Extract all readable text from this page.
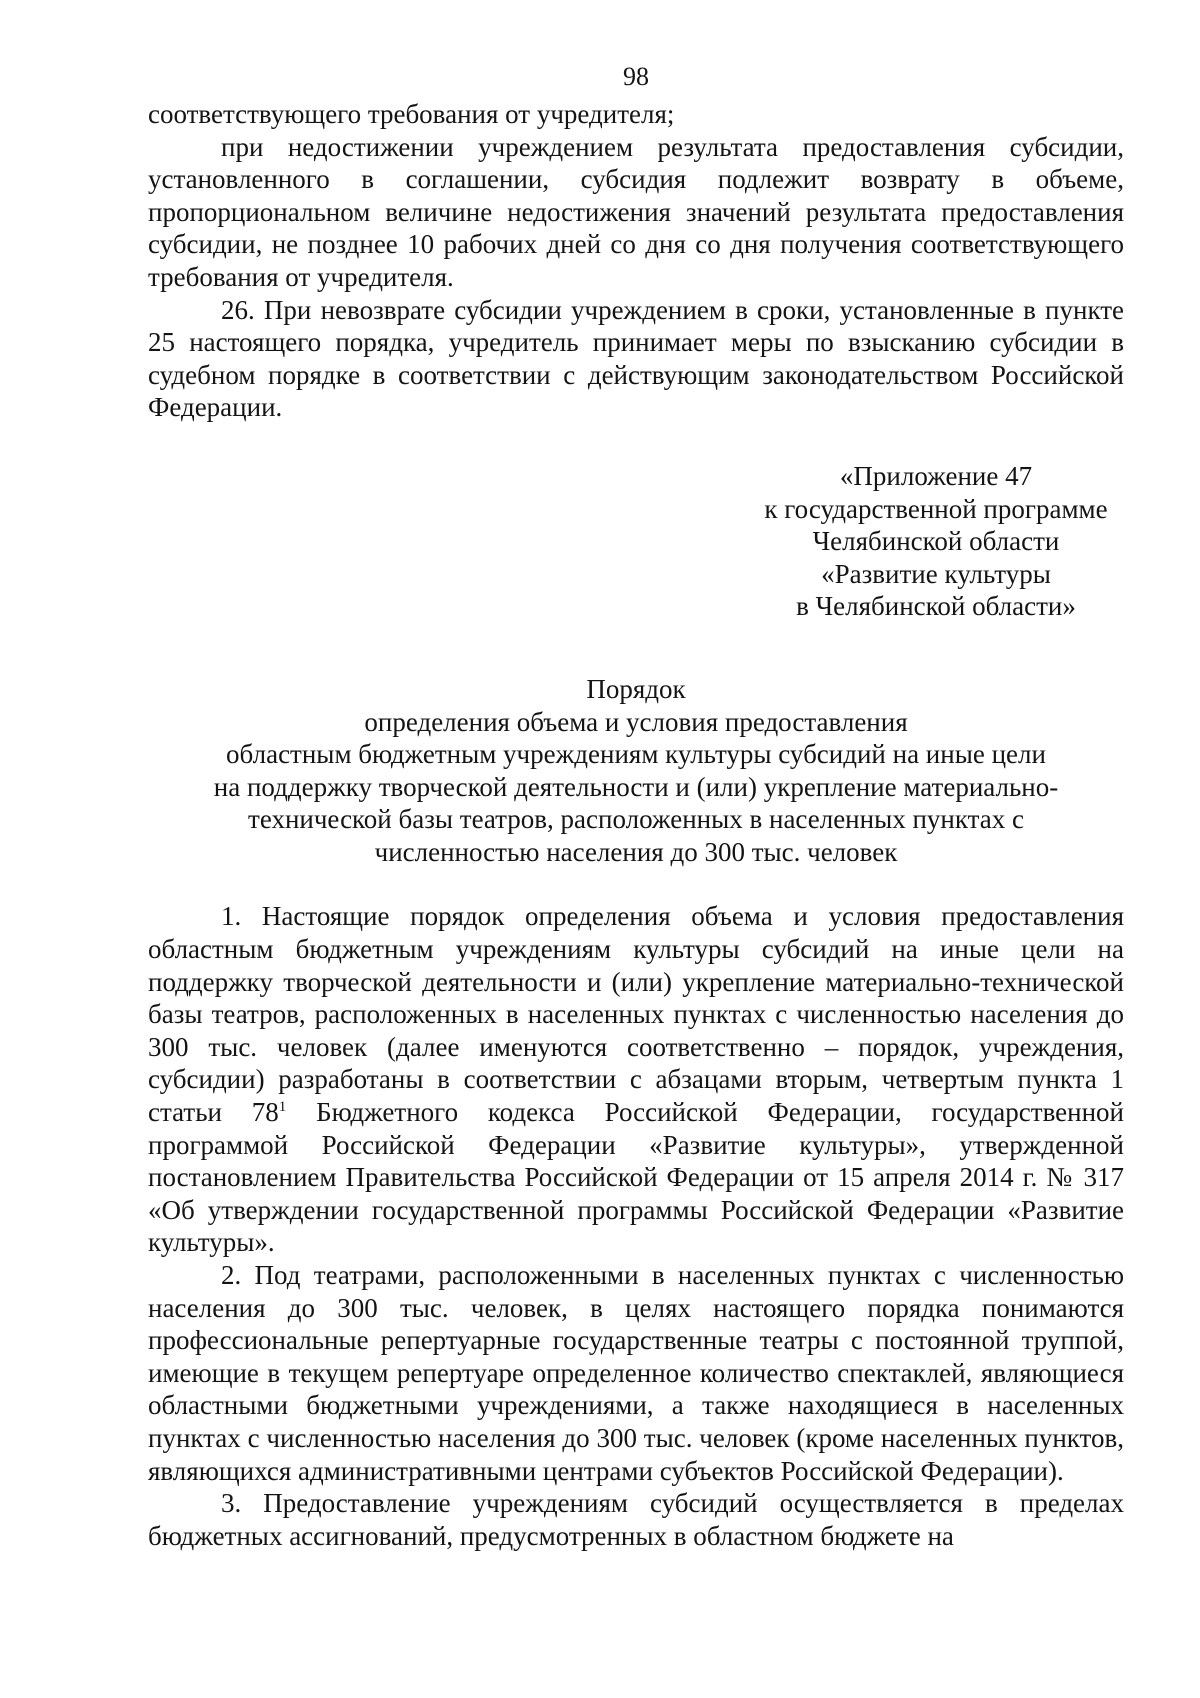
98

соответствующего требования от учредителя;

при недостижении учреждением результата предоставления субсидии, установленного в соглашении, субсидия подлежит возврату в объеме, пропорциональном величине недостижения значений результата предоставления субсидии, не позднее 10 рабочих дней со дня со дня получения соответствующего требования от учредителя.

26. При невозврате субсидии учреждением в сроки, установленные в пункте 25 настоящего порядка, учредитель принимает меры по взысканию субсидии в судебном порядке в соответствии с действующим законодательством Российской Федерации.

«Приложение 47
к государственной программе
Челябинской области
«Развитие культуры
в Челябинской области»
Порядок
определения объема и условия предоставления
областным бюджетным учреждениям культуры субсидий на иные цели
на поддержку творческой деятельности и (или) укрепление материально-
технической базы театров, расположенных в населенных пунктах с
численностью населения до 300 тыс. человек

1. Настоящие порядок определения объема и условия предоставления областным бюджетным учреждениям культуры субсидий на иные цели на поддержку творческой деятельности и (или) укрепление материально-технической базы театров, расположенных в населенных пунктах с численностью населения до 300 тыс. человек (далее именуются соответственно – порядок, учреждения, субсидии) разработаны в соответствии с абзацами вторым, четвертым пункта 1 статьи $78^1$ Бюджетного кодекса Российской Федерации, государственной программой Российской Федерации «Развитие культуры», утвержденной постановлением Правительства Российской Федерации от 15 апреля 2014 г. № 317 «Об утверждении государственной программы Российской Федерации «Развитие культуры».

2. Под театрами, расположенными в населенных пунктах с численностью населения до 300 тыс. человек, в целях настоящего порядка понимаются профессиональные репертуарные государственные театры с постоянной труппой, имеющие в текущем репертуаре определенное количество спектаклей, являющиеся областными бюджетными учреждениями, а также находящиеся в населенных пунктах с численностью населения до 300 тыс. человек (кроме населенных пунктов, являющихся административными центрами субъектов Российской Федерации).

3. Предоставление учреждениям субсидий осуществляется в пределах бюджетных ассигнований, предусмотренных в областном бюджете на
